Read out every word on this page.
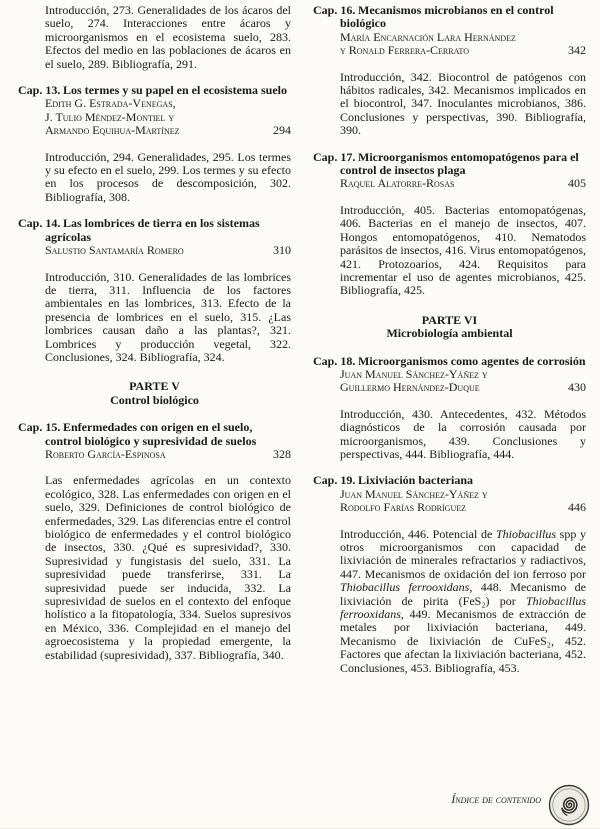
Introducción, 273. Generalidades de los ácaros del suelo, 274. Interacciones entre ácaros y microorganismos en el ecosistema suelo, 283. Efectos del medio en las poblaciones de ácaros en el suelo, 289. Bibliografía, 291.

Cap. 13. Los termes y su papel en el ecosistema suelo
Edith G. Estrada-Venegas,
J. Tulio Méndez-Montiel y
Armando Equihua-Martínez	294

Introducción, 294. Generalidades, 295. Los termes y su efecto en el suelo, 299. Los termes y su efecto en los procesos de descomposición, 302. Bibliografía, 308.

Cap. 14. Las lombrices de tierra en los sistemas agrícolas
Salustio Santamaría Romero	310

Introducción, 310. Generalidades de las lombrices de tierra, 311. Influencia de los factores ambientales en las lombrices, 313. Efecto de la presencia de lombrices en el suelo, 315. ¿Las lombrices causan daño a las plantas?, 321. Lombrices y producción vegetal, 322. Conclusiones, 324. Bibliografía, 324.

PARTE V
Control biológico
Cap. 15. Enfermedades con origen en el suelo, control biológico y supresividad de suelos
Roberto García-Espinosa	328

Las enfermedades agrícolas en un contexto ecológico, 328. Las enfermedades con origen en el suelo, 329. Definiciones de control biológico de enfermedades, 329. Las diferencias entre el control biológico de enfermedades y el control biológico de insectos, 330. ¿Qué es supresividad?, 330. Supresividad y fungistasis del suelo, 331. La supresividad puede transferirse, 331. La supresividad puede ser inducida, 332. La supresividad de suelos en el contexto del enfoque holístico a la fitopatología, 334. Suelos supresivos en México, 336. Complejidad en el manejo del agroecosistema y la propiedad emergente, la estabilidad (supresividad), 337. Bibliografía, 340.

Cap. 16. Mecanismos microbianos en el control biológico
María Encarnación Lara Hernández
y Ronald Ferrera-Cerrato	342

Introducción, 342. Biocontrol de patógenos con hábitos radicales, 342. Mecanismos implicados en el biocontrol, 347. Inoculantes microbianos, 386. Conclusiones y perspectivas, 390. Bibliografía, 390.

Cap. 17. Microorganismos entomopatógenos para el control de insectos plaga
Raquel Alatorre-Rosas	405

Introducción, 405. Bacterias entomopatógenas, 406. Bacterias en el manejo de insectos, 407. Hongos entomopatógenos, 410. Nematodos parásitos de insectos, 416. Virus entomopatógenos, 421. Protozoarios, 424. Requisitos para incrementar el uso de agentes microbianos, 425. Bibliografía, 425.

PARTE VI
Microbiología ambiental
Cap. 18. Microorganismos como agentes de corrosión
Juan Manuel Sánchez-Yáñez y
Guillermo Hernández-Duque	430

Introducción, 430. Antecedentes, 432. Métodos diagnósticos de la corrosión causada por microorganismos, 439. Conclusiones y perspectivas, 444. Bibliografía, 444.

Cap. 19. Lixiviación bacteriana
Juan Manuel Sánchez-Yáñez y
Rodolfo Farías Rodríguez	446

Introducción, 446. Potencial de Thiobacillus spp y otros microorganismos con capacidad de lixiviación de minerales refractarios y radiactivos, 447. Mecanismos de oxidación del ion ferroso por Thiobacillus ferrooxidans, 448. Mecanismo de lixiviación de pirita (FeS₂) por Thiobacillus ferrooxidans, 449. Mecanismos de extracción de metales por lixiviación bacteriana, 449. Mecanismo de lixiviación de CuFeS₂, 452. Factores que afectan la lixiviación bacteriana, 452. Conclusiones, 453. Bibliografía, 453.

Índice de contenido
